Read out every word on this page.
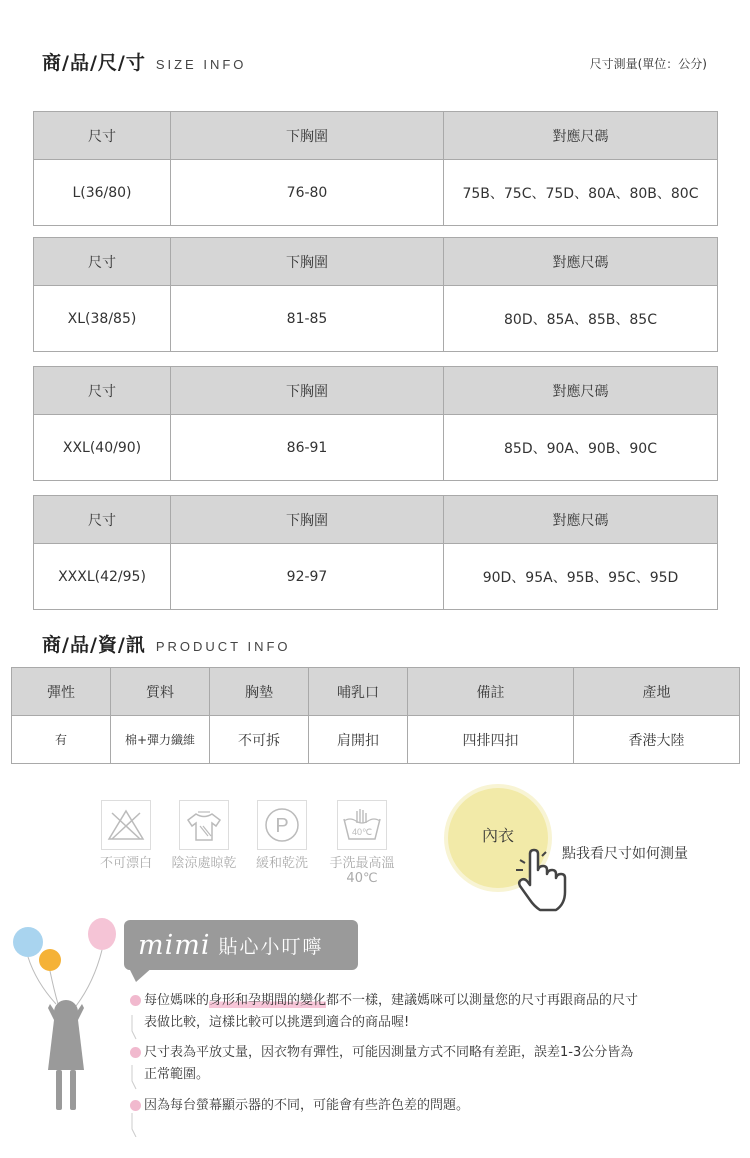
商/品/尺/寸 SIZE INFO	尺寸測量(單位：公分)
尺寸	下胸圍	對應尺碼
L(36/80)	76-80	75B、75C、75D、80A、80B、80C
尺寸	下胸圍	對應尺碼
XL(38/85)	81-85	80D、85A、85B、85C
尺寸	下胸圍	對應尺碼
XXL(40/90)	86-91	85D、90A、90B、90C
尺寸	下胸圍	對應尺碼
XXXL(42/95)	92-97	90D、95A、95B、95C、95D
商/品/資/訊 PRODUCT INFO
彈性	質料	胸墊	哺乳口	備註	產地
有	棉+彈力纖維	不可拆	肩開扣	四排四扣	香港大陸
不可漂白	陰涼處晾乾
P
緩和乾洗
40℃
手洗最高溫
40℃
內衣
點我看尺寸如何測量
mimi 貼心小叮嚀
每位媽咪的身形和孕期間的變化都不一樣，建議媽咪可以測量您的尺寸再跟商品的尺寸
表做比較，這樣比較可以挑選到適合的商品喔!
尺寸表為平放丈量，因衣物有彈性，可能因測量方式不同略有差距，誤差1-3公分皆為
正常範圍。
因為每台螢幕顯示器的不同，可能會有些許色差的問題。
